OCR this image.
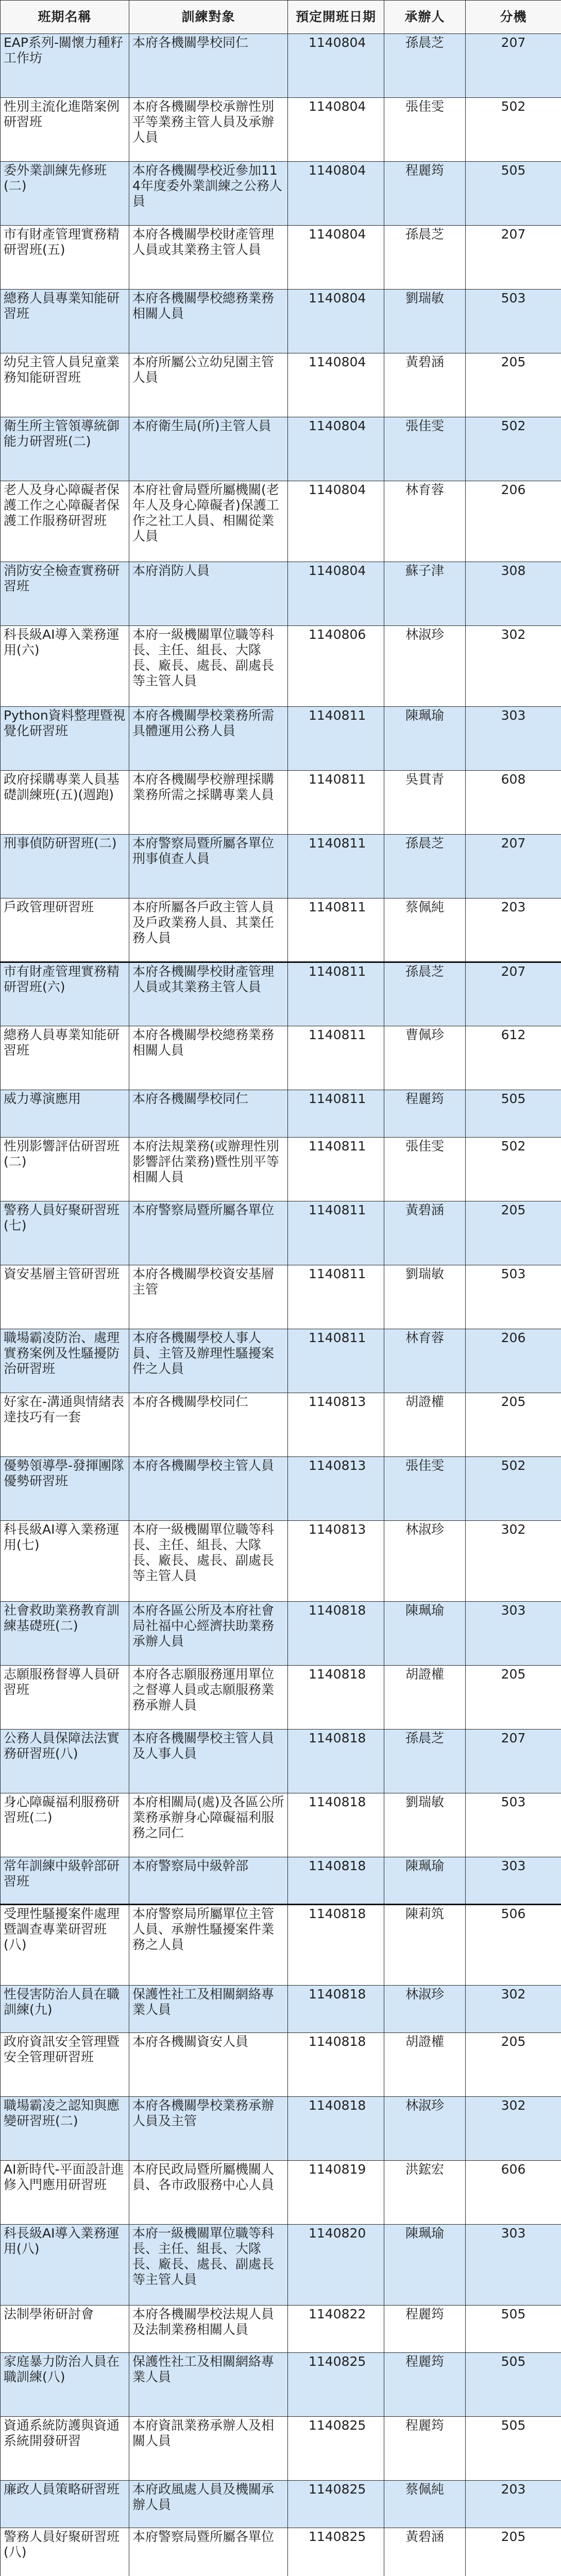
班期名稱	訓練對象	預定開班日期	承辦人	分機
EAP系列-關懷力種籽工作坊	本府各機關學校同仁	1140804	孫晨芝	207
性別主流化進階案例研習班	本府各機關學校承辦性別平等業務主管人員及承辦人員	1140804	張佳雯	502
委外業訓練先修班(二)	本府各機關學校近參加114年度委外業訓練之公務人員	1140804	程麗筠	505
市有財產管理實務精研習班(五)	本府各機關學校財產管理人員或其業務主管人員	1140804	孫晨芝	207
總務人員專業知能研習班	本府各機關學校總務業務相關人員	1140804	劉瑞敏	503
幼兒主管人員兒童業務知能研習班	本府所屬公立幼兒園主管人員	1140804	黃碧涵	205
衛生所主管領導統御能力研習班(二)	本府衛生局(所)主管人員	1140804	張佳雯	502
老人及身心障礙者保護工作之心障礙者保護工作服務研習班	本府社會局暨所屬機關(老年人及身心障礙者)保護工作之社工人員、相關從業人員	1140804	林育蓉	206
消防安全檢查實務研習班	本府消防人員	1140804	蘇子津	308
科長級AI導入業務運用(六)	本府一級機關單位職等科長、主任、組長、大隊長、廠長、處長、副處長等主管人員	1140806	林淑珍	302
Python資料整理暨視覺化研習班	本府各機關學校業務所需具體運用公務人員	1140811	陳珮瑜	303
政府採購專業人員基礎訓練班(五)(週跑)	本府各機關學校辦理採購業務所需之採購專業人員	1140811	吳貫青	608
刑事偵防研習班(二)	本府警察局暨所屬各單位刑事偵查人員	1140811	孫晨芝	207
戶政管理研習班	本府所屬各戶政主管人員及戶政業務人員、其業任務人員	1140811	蔡佩純	203
市有財產管理實務精研習班(六)	本府各機關學校財產管理人員或其業務主管人員	1140811	孫晨芝	207
總務人員專業知能研習班	本府各機關學校總務業務相關人員	1140811	曹佩珍	612
威力導演應用	本府各機關學校同仁	1140811	程麗筠	505
性別影響評估研習班(二)	本府法規業務(或辦理性別影響評估業務)暨性別平等相關人員	1140811	張佳雯	502
警務人員好聚研習班(七)	本府警察局暨所屬各單位	1140811	黃碧涵	205
資安基層主管研習班	本府各機關學校資安基層主管	1140811	劉瑞敏	503
職場霸凌防治、處理實務案例及性騷擾防治研習班	本府各機關學校人事人員、主管及辦理性騷擾案件之人員	1140811	林育蓉	206
好家在-溝通與情緒表達技巧有一套	本府各機關學校同仁	1140813	胡證權	205
優勢領導學-發揮團隊優勢研習班	本府各機關學校主管人員	1140813	張佳雯	502
科長級AI導入業務運用(七)	本府一級機關單位職等科長、主任、組長、大隊長、廠長、處長、副處長等主管人員	1140813	林淑珍	302
社會救助業務教育訓練基礎班(二)	本府各區公所及本府社會局社福中心經濟扶助業務承辦人員	1140818	陳珮瑜	303
志願服務督導人員研習班	本府各志願服務運用單位之督導人員或志願服務業務承辦人員	1140818	胡證權	205
公務人員保障法法實務研習班(八)	本府各機關學校主管人員及人事人員	1140818	孫晨芝	207
身心障礙福利服務研習班(二)	本府相關局(處)及各區公所業務承辦身心障礙福利服務之同仁	1140818	劉瑞敏	503
常年訓練中級幹部研習班	本府警察局中級幹部	1140818	陳珮瑜	303
受理性騷擾案件處理暨調查專業研習班(八)	本府警察局所屬單位主管人員、承辦性騷擾案件業務之人員	1140818	陳莉筑	506
性侵害防治人員在職訓練(九)	保護性社工及相關網絡專業人員	1140818	林淑珍	302
政府資訊安全管理暨安全管理研習班	本府各機關資安人員	1140818	胡證權	205
職場霸凌之認知與應變研習班(二)	本府各機關學校業務承辦人員及主管	1140818	林淑珍	302
AI新時代-平面設計進修入門應用研習班	本府民政局暨所屬機關人員、各市政服務中心人員	1140819	洪鋐宏	606
科長級AI導入業務運用(八)	本府一級機關單位職等科長、主任、組長、大隊長、廠長、處長、副處長等主管人員	1140820	陳珮瑜	303
法制學術研討會	本府各機關學校法規人員及法制業務相關人員	1140822	程麗筠	505
家庭暴力防治人員在職訓練(八)	保護性社工及相關網絡專業人員	1140825	程麗筠	505
資通系統防護與資通系統開發研習	本府資訊業務承辦人及相關人員	1140825	程麗筠	505
廉政人員策略研習班	本府政風處人員及機關承辦人員	1140825	蔡佩純	203
警務人員好聚研習班(八)	本府警察局暨所屬各單位	1140825	黃碧涵	205
